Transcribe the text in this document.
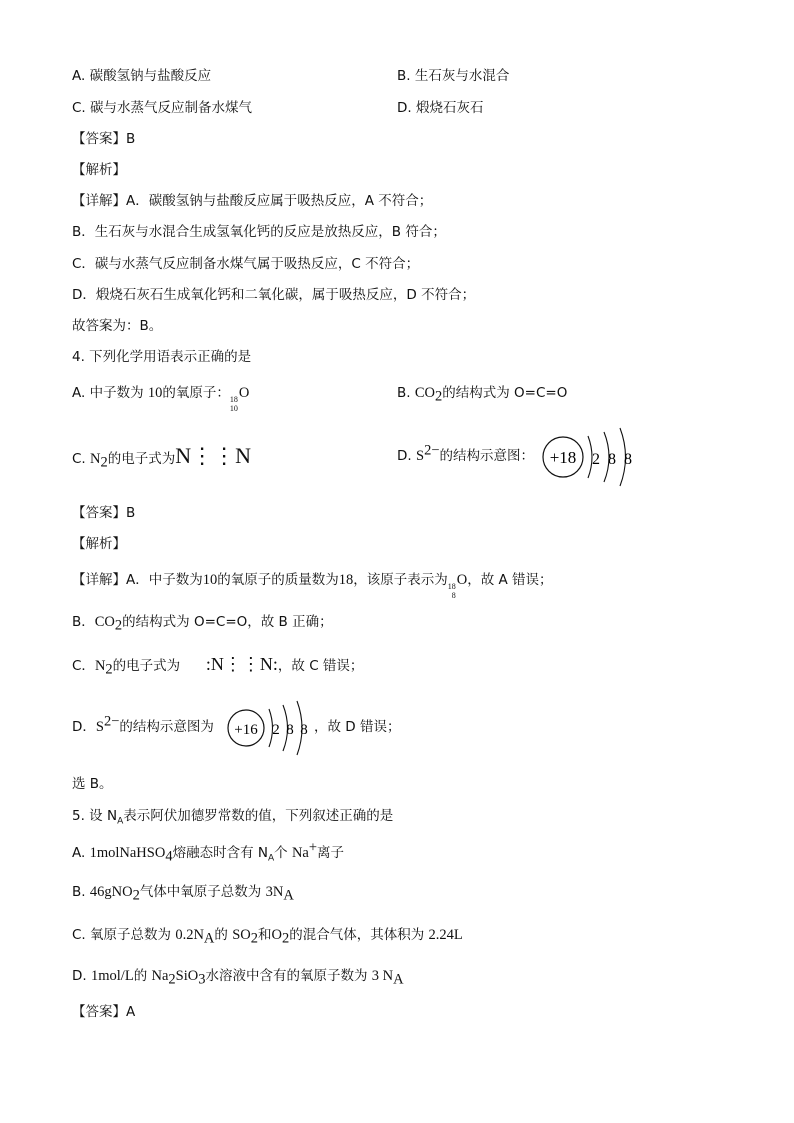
A. 碳酸氢钠与盐酸反应	B. 生石灰与水混合
C. 碳与水蒸气反应制备水煤气	D. 煅烧石灰石
【答案】B
【解析】
【详解】A．碳酸氢钠与盐酸反应属于吸热反应，A 不符合；
B．生石灰与水混合生成氢氧化钙的反应是放热反应，B 符合；
C．碳与水蒸气反应制备水煤气属于吸热反应，C 不符合；
D．煅烧石灰石生成氧化钙和二氧化碳，属于吸热反应，D 不符合；
故答案为：B。
4. 下列化学用语表示正确的是
A. 中子数为 10的氧原子： 18
10
O	B. $CO_2$的结构式为 O=C=O
C. $N_2$的电子式为N⋮⋮N	D. $S^{2-}$的结构示意图： +18 2 8 8
【答案】B
【解析】
【详解】A．中子数为10的氧原子的质量数为18，该原子表示为 18
8
O，故 A 错误；
B．$CO_2$的结构式为 O=C=O，故 B 正确；
C．$N_2$的电子式为 :N⋮⋮N:，故 C 错误；
D．$S^{2-}$的结构示意图为 +16 2 8 8 ，故 D 错误；
选 B。
5. 设 $N_A$表示阿伏加德罗常数的值，下列叙述正确的是
A. 1molNaHSO$_4$熔融态时含有 $N_A$个 Na+离子
B. 46gNO$_2$气体中氧原子总数为 $3N_A$
C. 氧原子总数为 $0.2N_A$的 $SO_2$和$O_2$的混合气体，其体积为 2.24L
D. 1mol/L的 $Na_2SiO_3$水溶液中含有的氧原子数为 3 $N_A$
【答案】A
